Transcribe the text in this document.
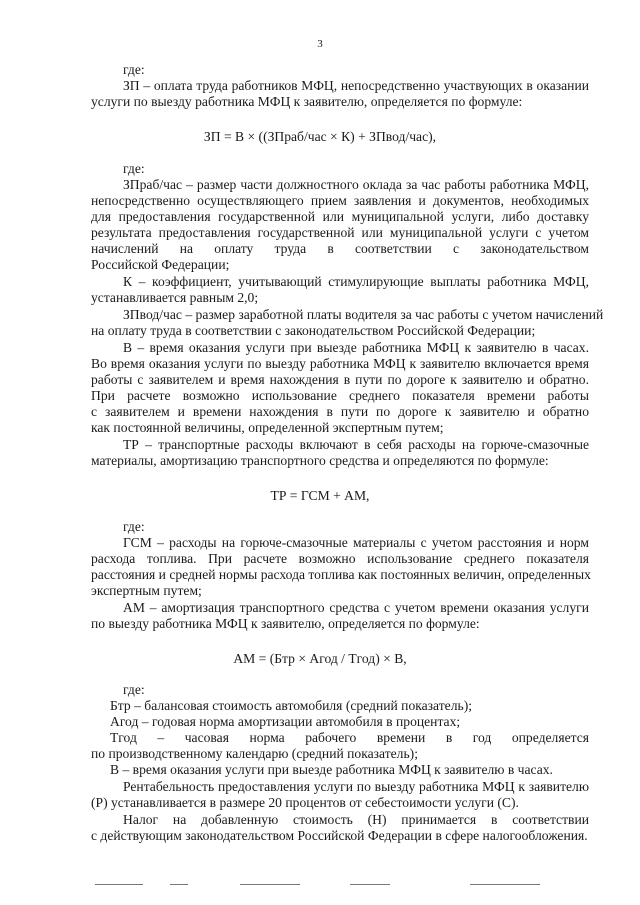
3
где:
ЗП – оплата труда работников МФЦ, непосредственно участвующих в оказании
услуги по выезду работника МФЦ к заявителю, определяется по формуле:
ЗП = В × ((ЗПраб/час × К) + ЗПвод/час),
где:
ЗПраб/час – размер части должностного оклада за час работы работника МФЦ,
непосредственно осуществляющего прием заявления и документов, необходимых
для предоставления государственной или муниципальной услуги, либо доставку
результата предоставления государственной или муниципальной услуги с учетом
начислений на оплату труда в соответствии с законодательством
Российской Федерации;
К – коэффициент, учитывающий стимулирующие выплаты работника МФЦ,
устанавливается равным 2,0;
ЗПвод/час – размер заработной платы водителя за час работы с учетом начислений
на оплату труда в соответствии с законодательством Российской Федерации;
В – время оказания услуги при выезде работника МФЦ к заявителю в часах.
Во время оказания услуги по выезду работника МФЦ к заявителю включается время
работы с заявителем и время нахождения в пути по дороге к заявителю и обратно.
При расчете возможно использование среднего показателя времени работы
с заявителем и времени нахождения в пути по дороге к заявителю и обратно
как постоянной величины, определенной экспертным путем;
ТР – транспортные расходы включают в себя расходы на горюче-смазочные
материалы, амортизацию транспортного средства и определяются по формуле:
ТР = ГСМ + АМ,
где:
ГСМ – расходы на горюче-смазочные материалы с учетом расстояния и норм
расхода топлива. При расчете возможно использование среднего показателя
расстояния и средней нормы расхода топлива как постоянных величин, определенных
экспертным путем;
АМ – амортизация транспортного средства с учетом времени оказания услуги
по выезду работника МФЦ к заявителю, определяется по формуле:
АМ = (Бтр × Агод / Тгод) × В,
где:
Бтр – балансовая стоимость автомобиля (средний показатель);
Агод – годовая норма амортизации автомобиля в процентах;
Тгод – часовая норма рабочего времени в год определяется
по производственному календарю (средний показатель);
В – время оказания услуги при выезде работника МФЦ к заявителю в часах.
Рентабельность предоставления услуги по выезду работника МФЦ к заявителю
(Р) устанавливается в размере 20 процентов от себестоимости услуги (С).
Налог на добавленную стоимость (Н) принимается в соответствии
с действующим законодательством Российской Федерации в сфере налогообложения.
